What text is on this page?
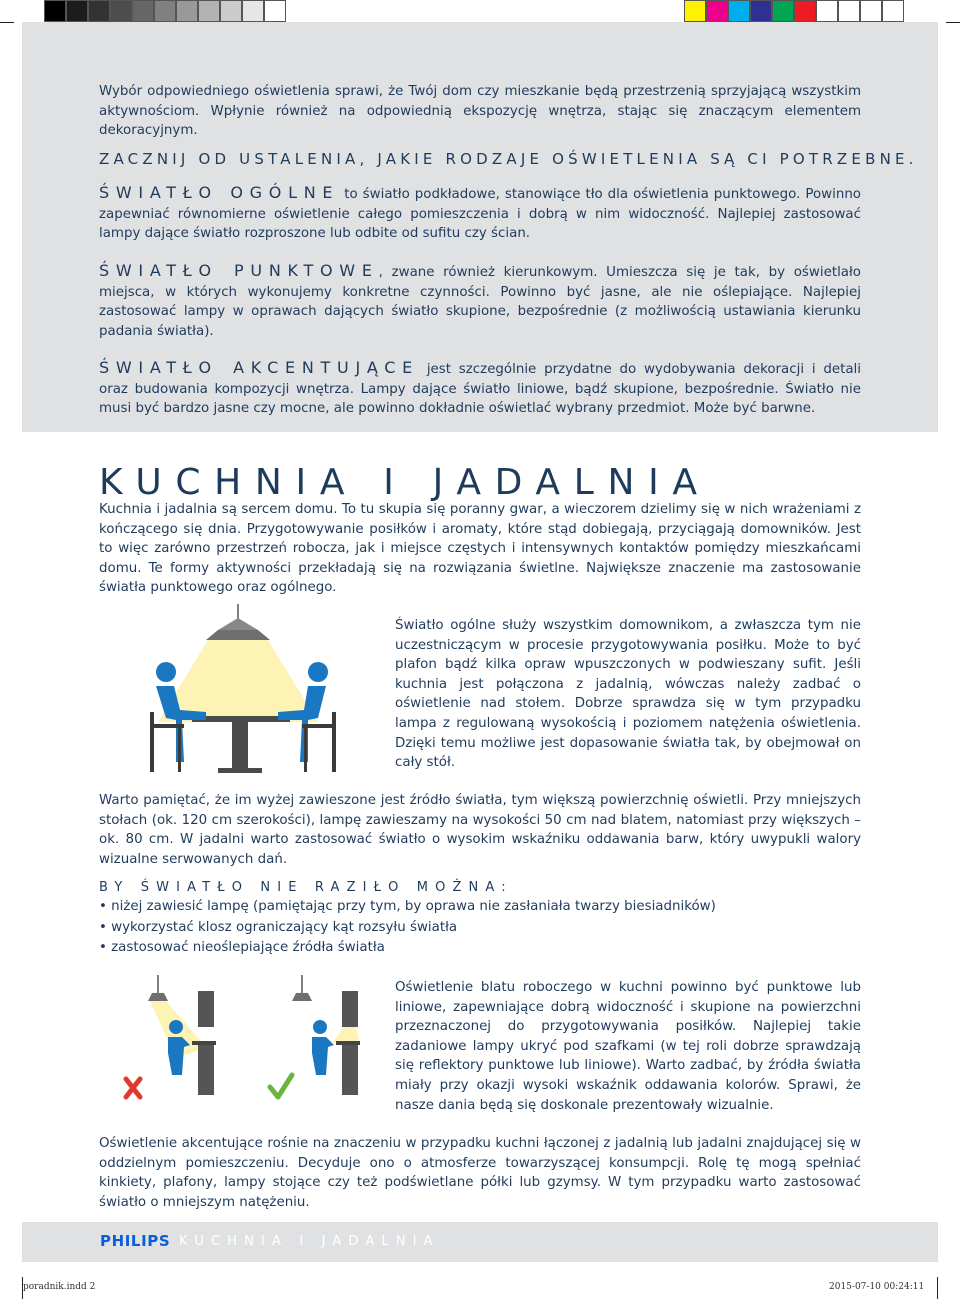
Wybór odpowiedniego oświetlenia sprawi, że Twój dom czy mieszkanie będą przestrzenią sprzyjającą wszystkim aktywnościom. Wpłynie również na odpowiednią ekspozycję wnętrza, stając się znaczącym elementem dekoracyjnym.

ZACZNIJ OD USTALENIA, JAKIE RODZAJE OŚWIETLENIA SĄ CI POTRZEBNE.

ŚWIATŁO OGÓLNE to światło podkładowe, stanowiące tło dla oświetlenia punktowego. Powinno zapewniać równomierne oświetlenie całego pomieszczenia i dobrą w nim widoczność. Najlepiej zastosować lampy dające światło rozproszone lub odbite od sufitu czy ścian.

ŚWIATŁO PUNKTOWE, zwane również kierunkowym. Umieszcza się je tak, by oświetlało miejsca, w których wykonujemy konkretne czynności. Powinno być jasne, ale nie oślepiające. Najlepiej zastosować lampy w oprawach dających światło skupione, bezpośrednie (z możliwością ustawiania kierunku padania światła).

ŚWIATŁO AKCENTUJĄCE jest szczególnie przydatne do wydobywania dekoracji i detali oraz budowania kompozycji wnętrza. Lampy dające światło liniowe, bądź skupione, bezpośrednie. Światło nie musi być bardzo jasne czy mocne, ale powinno dokładnie oświetlać wybrany przedmiot. Może być barwne.

KUCHNIA I JADALNIA

Kuchnia i jadalnia są sercem domu. To tu skupia się poranny gwar, a wieczorem dzielimy się w nich wrażeniami z kończącego się dnia. Przygotowywanie posiłków i aromaty, które stąd dobiegają, przyciągają domowników. Jest to więc zarówno przestrzeń robocza, jak i miejsce częstych i intensywnych kontaktów pomiędzy mieszkańcami domu. Te formy aktywności przekładają się na rozwiązania świetlne. Największe znaczenie ma zastosowanie światła punktowego oraz ogólnego.

Światło ogólne służy wszystkim domownikom, a zwłaszcza tym nie uczestniczącym w procesie przygotowywania posiłku. Może to być plafon bądź kilka opraw wpuszczonych w podwieszany sufit. Jeśli kuchnia jest połączona z jadalnią, wówczas należy zadbać o oświetlenie nad stołem. Dobrze sprawdza się w tym przypadku lampa z regulowaną wysokością i poziomem natężenia oświetlenia. Dzięki temu możliwe jest dopasowanie światła tak, by obejmował on cały stół.

Warto pamiętać, że im wyżej zawieszone jest źródło światła, tym większą powierzchnię oświetli. Przy mniejszych stołach (ok. 120 cm szerokości), lampę zawieszamy na wysokości 50 cm nad blatem, natomiast przy większych – ok. 80 cm. W jadalni warto zastosować światło o wysokim wskaźniku oddawania barw, który uwypukli walory wizualne serwowanych dań.

BY ŚWIATŁO NIE RAZIŁO MOŻNA:

• niżej zawiesić lampę (pamiętając przy tym, by oprawa nie zasłaniała twarzy biesiadników)
• wykorzystać klosz ograniczający kąt rozsyłu światła
• zastosować nieoślepiające źródła światła

Oświetlenie blatu roboczego w kuchni powinno być punktowe lub liniowe, zapewniające dobrą widoczność i skupione na powierzchni przeznaczonej do przygotowywania posiłków. Najlepiej takie zadaniowe lampy ukryć pod szafkami (w tej roli dobrze sprawdzają się reflektory punktowe lub liniowe). Warto zadbać, by źródła światła miały przy okazji wysoki wskaźnik oddawania kolorów. Sprawi, że nasze dania będą się doskonale prezentowały wizualnie.

Oświetlenie akcentujące rośnie na znaczeniu w przypadku kuchni łączonej z jadalnią lub jadalni znajdującej się w oddzielnym pomieszczeniu. Decyduje ono o atmosferze towarzyszącej konsumpcji. Rolę tę mogą spełniać kinkiety, plafony, lampy stojące czy też podświetlane półki lub gzymsy. W tym przypadku warto zastosować światło o mniejszym natężeniu.

PHILIPS KUCHNIA I JADALNIA
poradnik.indd 2	2015-07-10 00:24:11
